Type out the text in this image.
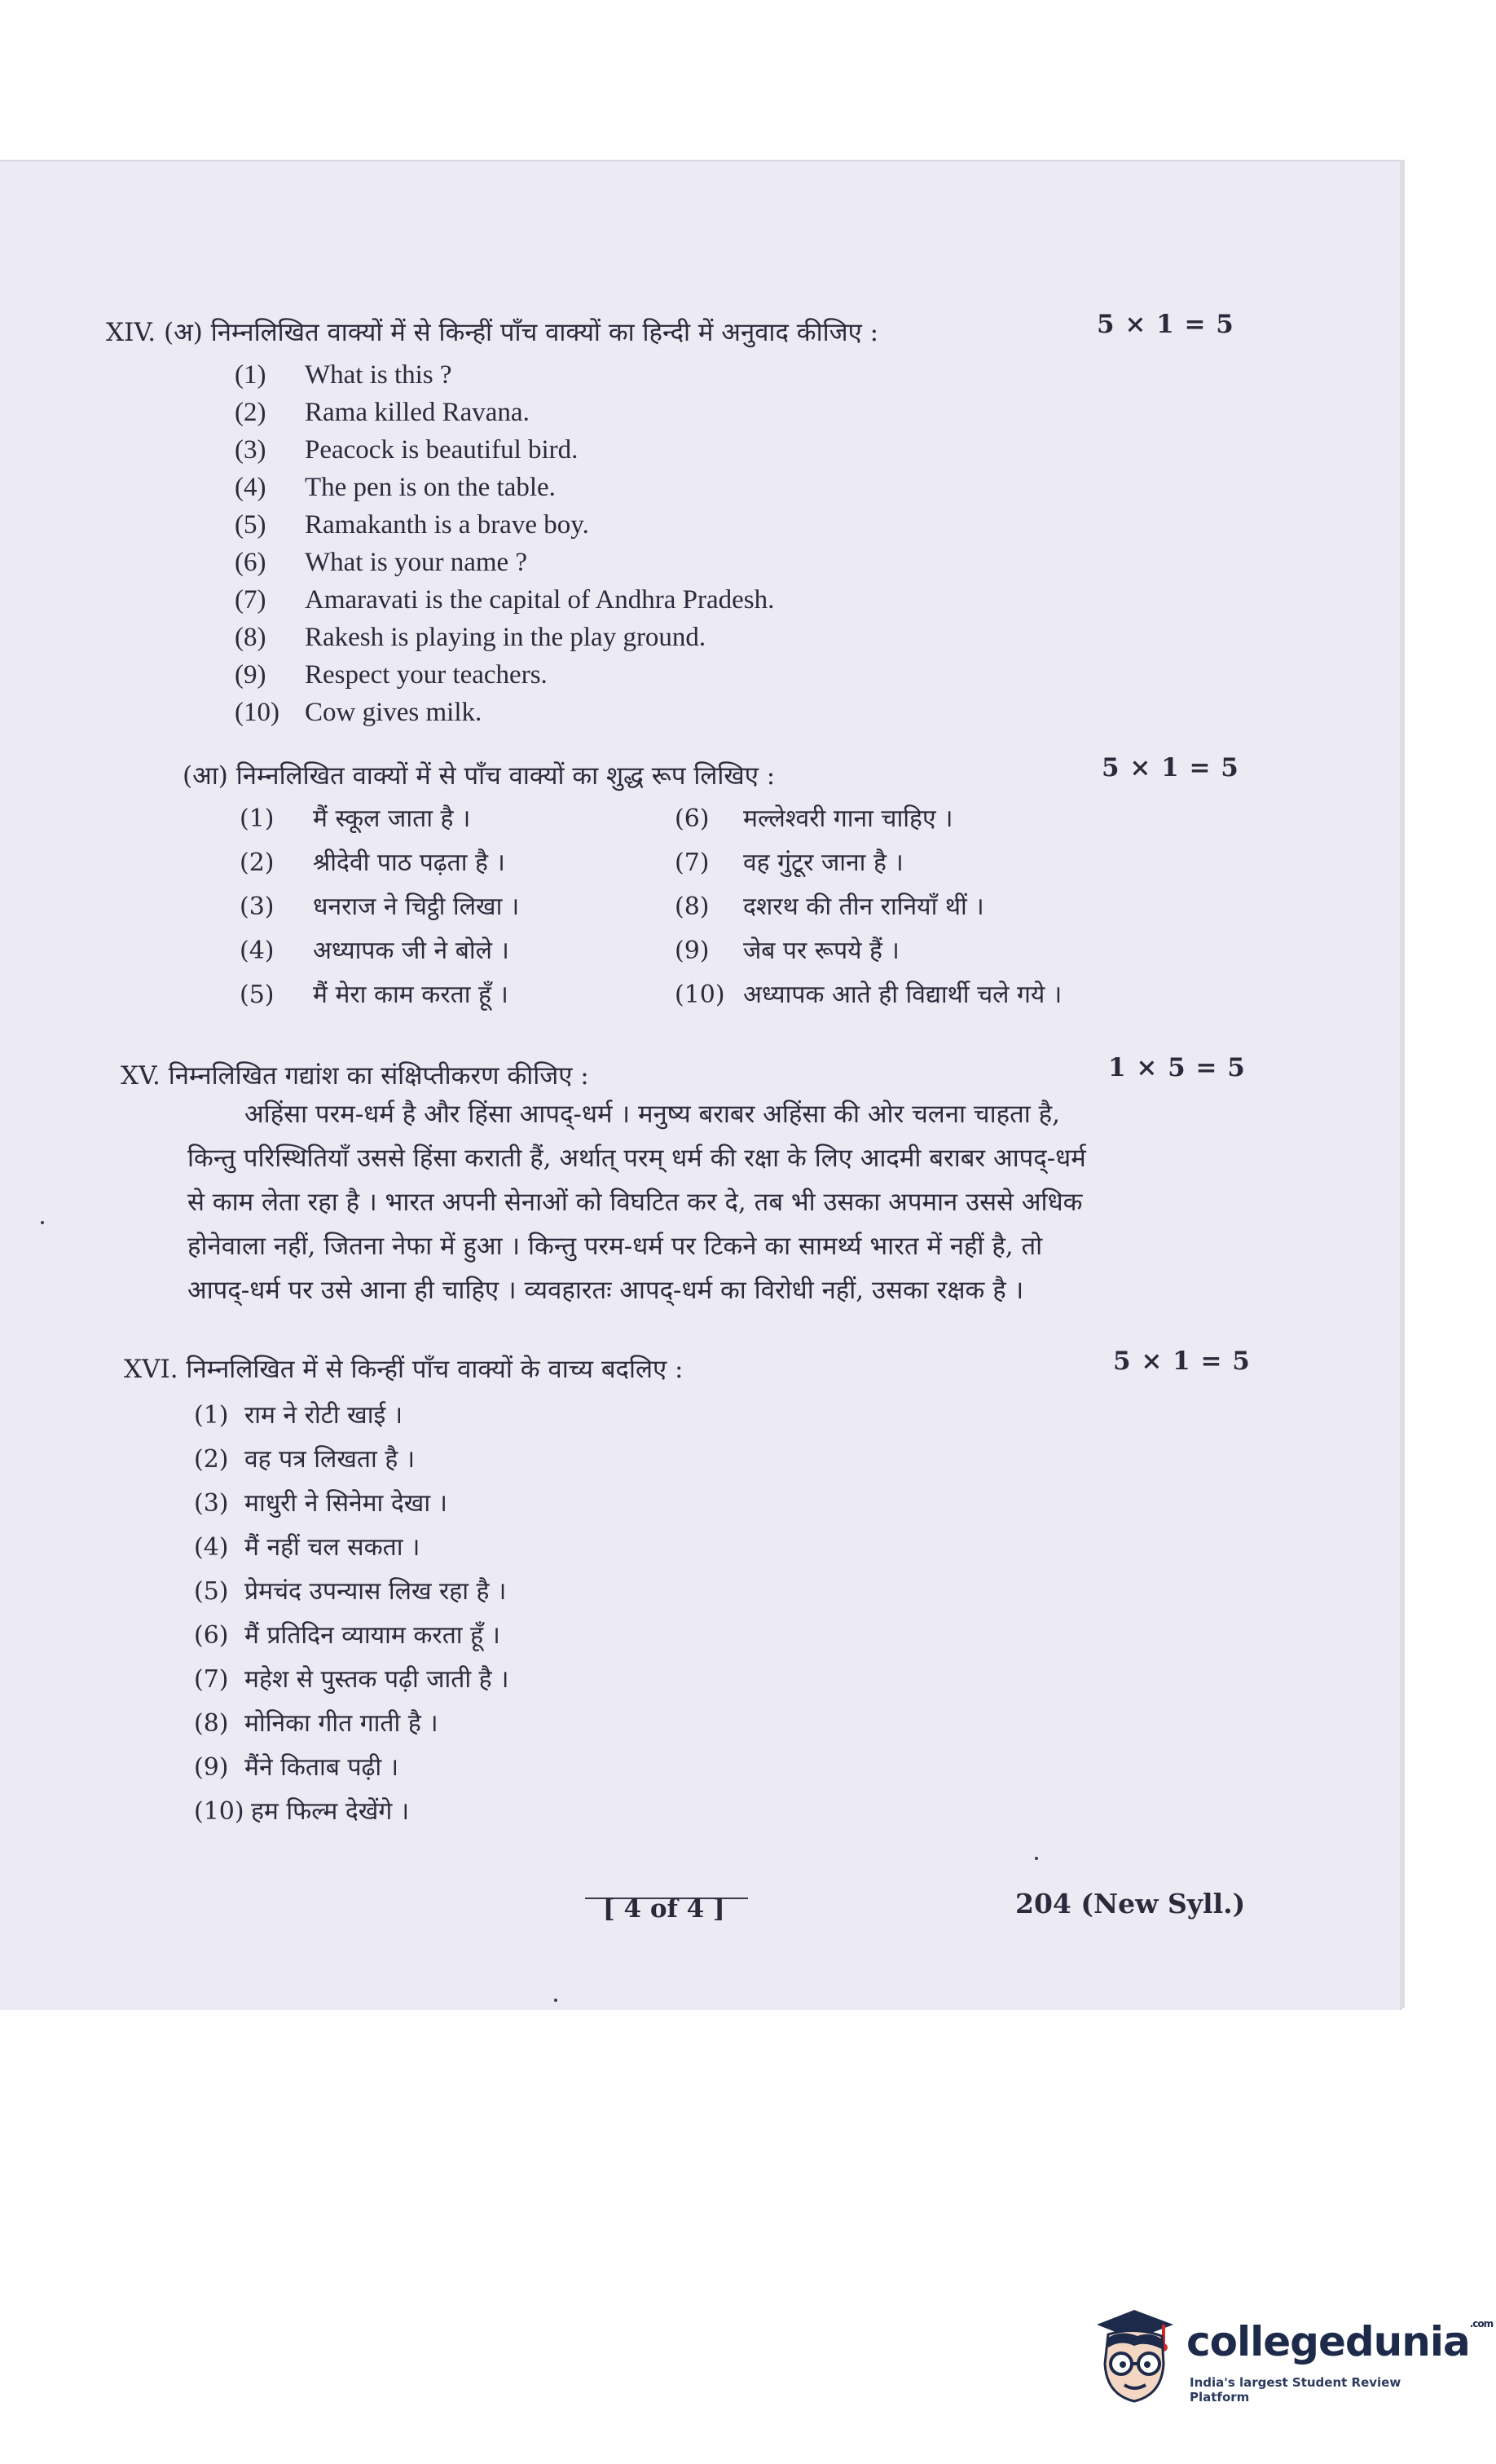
XIV. (अ) निम्नलिखित वाक्यों में से किन्हीं पाँच वाक्यों का हिन्दी में अनुवाद कीजिए :	5 × 1 = 5
(1) What is this ?
(2) Rama killed Ravana.
(3) Peacock is beautiful bird.
(4) The pen is on the table.
(5) Ramakanth is a brave boy.
(6) What is your name ?
(7) Amaravati is the capital of Andhra Pradesh.
(8) Rakesh is playing in the play ground.
(9) Respect your teachers.
(10) Cow gives milk.
(आ) निम्नलिखित वाक्यों में से पाँच वाक्यों का शुद्ध रूप लिखिए :	5 × 1 = 5
(1) मैं स्कूल जाता है ।
(2) श्रीदेवी पाठ पढ़ता है ।
(3) धनराज ने चिट्ठी लिखा ।
(4) अध्यापक जी ने बोले ।
(5) मैं मेरा काम करता हूँ ।
(6) मल्लेश्वरी गाना चाहिए ।
(7) वह गुंटूर जाना है ।
(8) दशरथ की तीन रानियाँ थीं ।
(9) जेब पर रूपये हैं ।
(10) अध्यापक आते ही विद्यार्थी चले गये ।
XV. निम्नलिखित गद्यांश का संक्षिप्तीकरण कीजिए :	1 × 5 = 5
अहिंसा परम-धर्म है और हिंसा आपद्-धर्म । मनुष्य बराबर अहिंसा की ओर चलना चाहता है,
किन्तु परिस्थितियाँ उससे हिंसा कराती हैं, अर्थात् परम् धर्म की रक्षा के लिए आदमी बराबर आपद्-धर्म
से काम लेता रहा है । भारत अपनी सेनाओं को विघटित कर दे, तब भी उसका अपमान उससे अधिक
होनेवाला नहीं, जितना नेफा में हुआ । किन्तु परम-धर्म पर टिकने का सामर्थ्य भारत में नहीं है, तो
आपद्-धर्म पर उसे आना ही चाहिए । व्यवहारतः आपद्-धर्म का विरोधी नहीं, उसका रक्षक है ।
XVI. निम्नलिखित में से किन्हीं पाँच वाक्यों के वाच्य बदलिए :	5 × 1 = 5
(1) राम ने रोटी खाई ।
(2) वह पत्र लिखता है ।
(3) माधुरी ने सिनेमा देखा ।
(4) मैं नहीं चल सकता ।
(5) प्रेमचंद उपन्यास लिख रहा है ।
(6) मैं प्रतिदिन व्यायाम करता हूँ ।
(7) महेश से पुस्तक पढ़ी जाती है ।
(8) मोनिका गीत गाती है ।
(9) मैंने किताब पढ़ी ।
(10) हम फिल्म देखेंगे ।
[ 4 of 4 ]	204 (New Syll.)
collegedunia$^{.com}$
India's largest Student Review Platform
